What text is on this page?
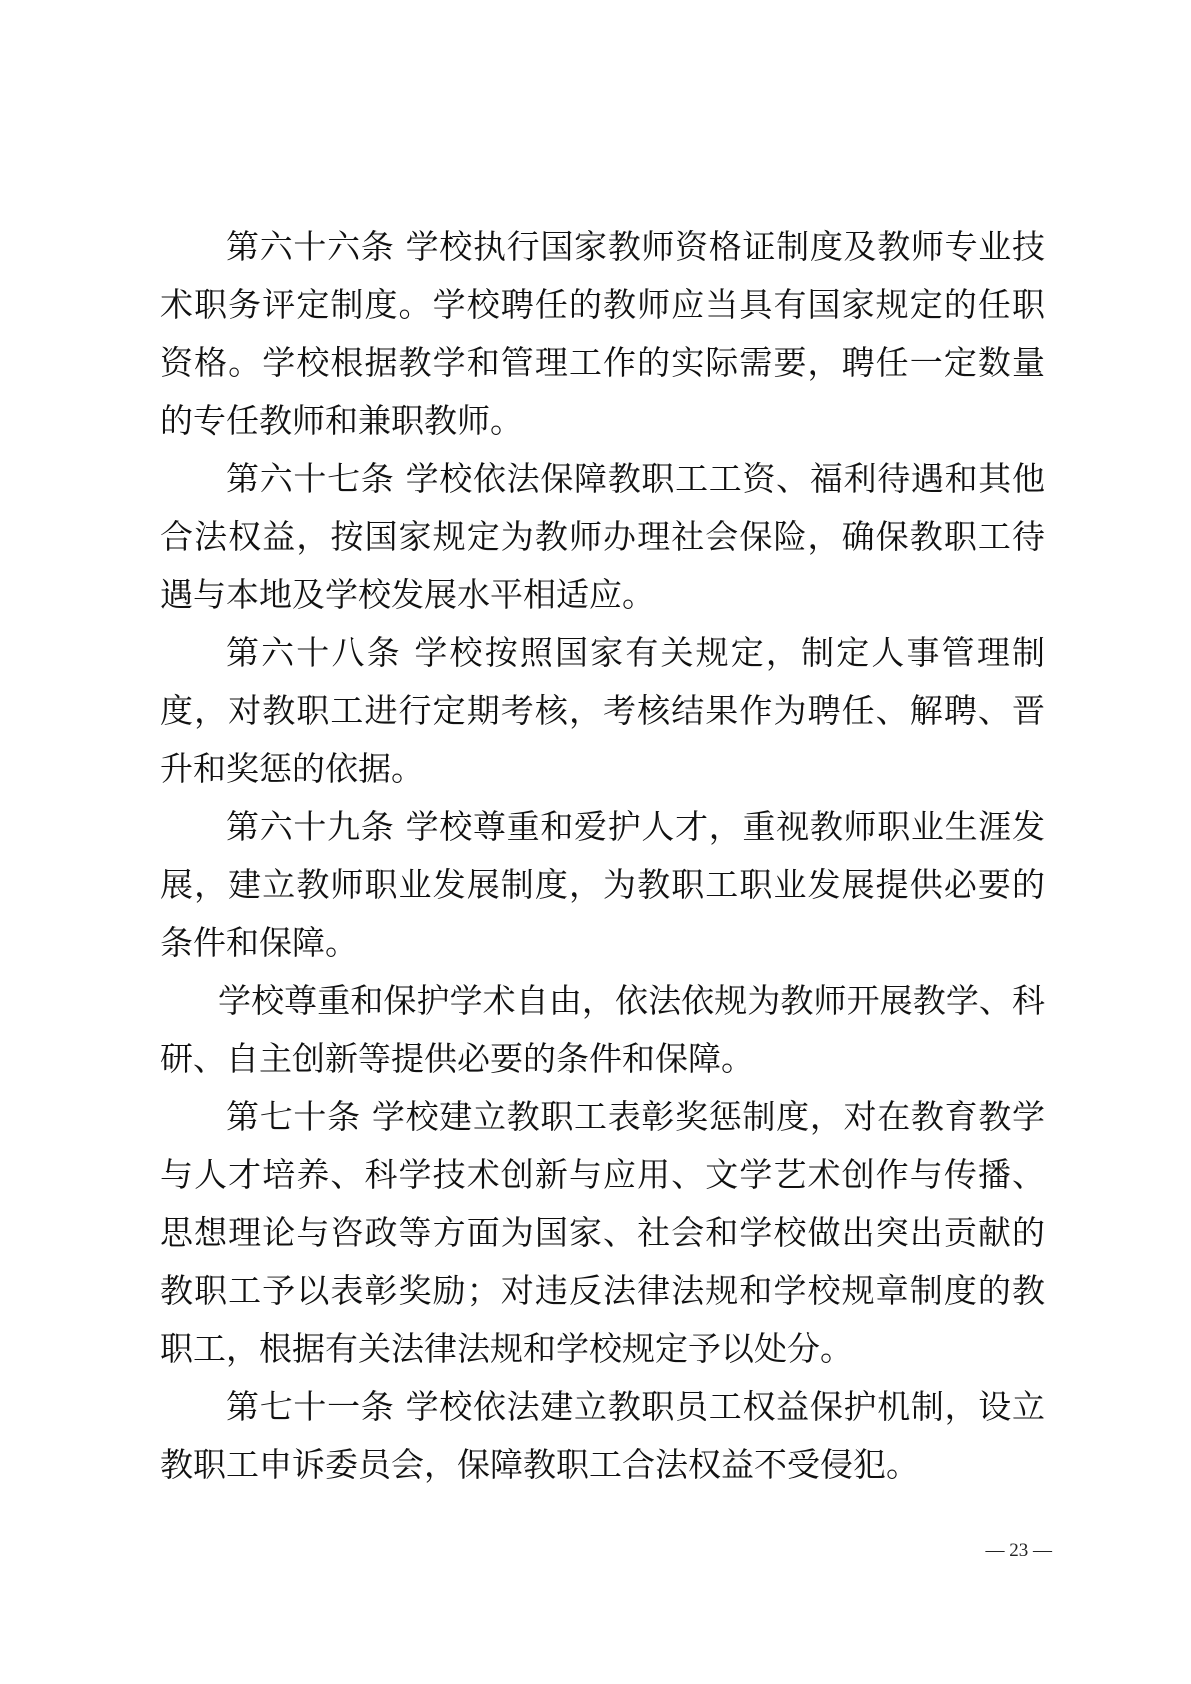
第六十六条 学校执行国家教师资格证制度及教师专业技术职务评定制度。学校聘任的教师应当具有国家规定的任职资格。学校根据教学和管理工作的实际需要，聘任一定数量的专任教师和兼职教师。

第六十七条 学校依法保障教职工工资、福利待遇和其他合法权益，按国家规定为教师办理社会保险，确保教职工待遇与本地及学校发展水平相适应。

第六十八条 学校按照国家有关规定，制定人事管理制度，对教职工进行定期考核，考核结果作为聘任、解聘、晋升和奖惩的依据。

第六十九条 学校尊重和爱护人才，重视教师职业生涯发展，建立教师职业发展制度，为教职工职业发展提供必要的条件和保障。

学校尊重和保护学术自由，依法依规为教师开展教学、科研、自主创新等提供必要的条件和保障。

第七十条 学校建立教职工表彰奖惩制度，对在教育教学与人才培养、科学技术创新与应用、文学艺术创作与传播、思想理论与咨政等方面为国家、社会和学校做出突出贡献的教职工予以表彰奖励；对违反法律法规和学校规章制度的教职工，根据有关法律法规和学校规定予以处分。

第七十一条 学校依法建立教职员工权益保护机制，设立教职工申诉委员会，保障教职工合法权益不受侵犯。

— 23 —
